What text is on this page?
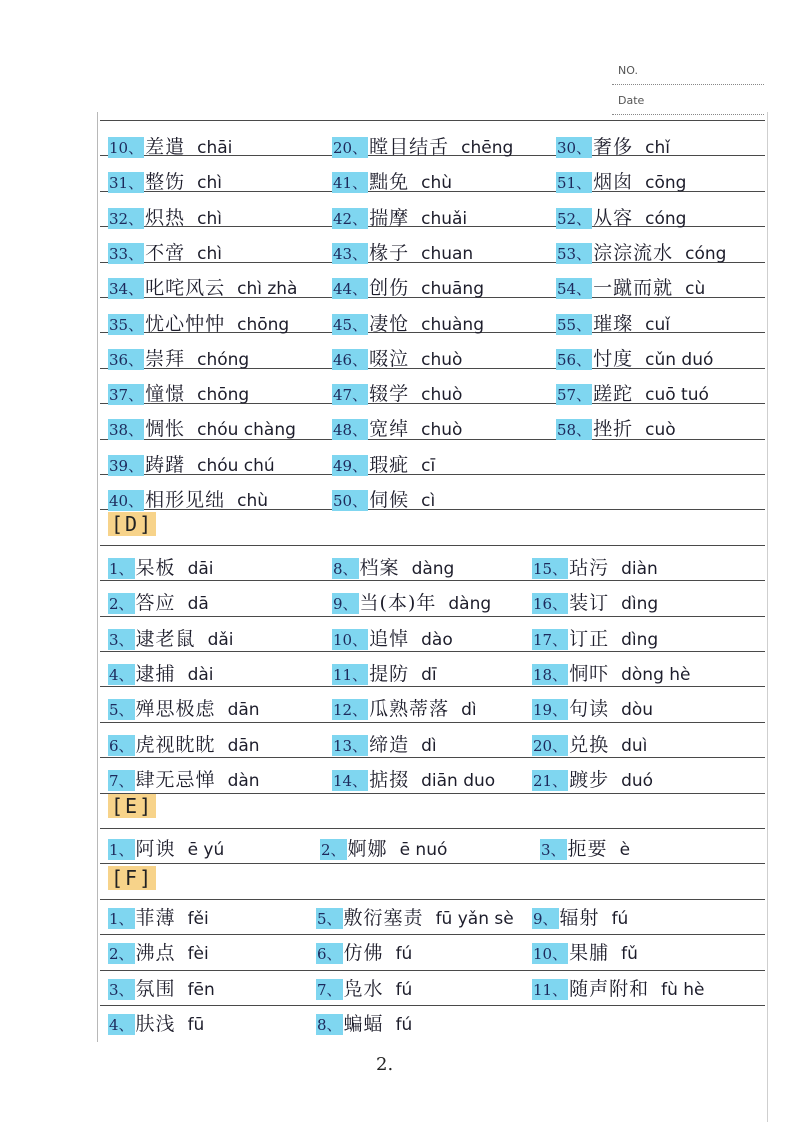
NO.
Date
10、 差遣 chāi
31、 整饬 chì
32、 炽热 chì
33、 不啻 chì
34、 叱咤风云 chì zhà
35、 忧心忡忡 chōng
36、 崇拜 chóng
37、 憧憬 chōng
38、 惆怅 chóu chàng
39、 踌躇 chóu chú
40、 相形见绌 chù
20、 瞠目结舌 chēng
41、 黜免 chù
42、 揣摩 chuǎi
43、 椽子 chuan
44、 创伤 chuāng
45、 凄怆 chuàng
46、 啜泣 chuò
47、 辍学 chuò
48、 宽绰 chuò
49、 瑕疵 cī
50、 伺候 cì
30、 奢侈 chǐ
51、 烟囱 cōng
52、 从容 cóng
53、 淙淙流水 cóng
54、 一蹴而就 cù
55、 璀璨 cuǐ
56、 忖度 cǔn duó
57、 蹉跎 cuō tuó
58、 挫折 cuò
1、 呆板 dāi
2、 答应 dā
3、 逮老鼠 dǎi
4、 逮捕 dài
5、 殚思极虑 dān
6、 虎视眈眈 dān
7、 肆无忌惮 dàn
8、 档案 dàng
9、 当(本)年 dàng
10、 追悼 dào
11、 提防 dī
12、 瓜熟蒂落 dì
13、 缔造 dì
14、 掂掇 diān duo
15、 玷污 diàn
16、 装订 dìng
17、 订正 dìng
18、 恫吓 dòng hè
19、 句读 dòu
20、 兑换 duì
21、 踱步 duó
1、 阿谀 ē yú	2、 婀娜 ē nuó	3、 扼要 è
1、 菲薄 fěi
2、 沸点 fèi
3、 氛围 fēn
4、 肤浅 fū
5、 敷衍塞责 fū yǎn sè
6、 仿佛 fú
7、 凫水 fú
8、 蝙蝠 fú
9、 辐射 fú
10、 果脯 fǔ
11、 随声附和 fù hè
[D]
[E]
[F]
2.
